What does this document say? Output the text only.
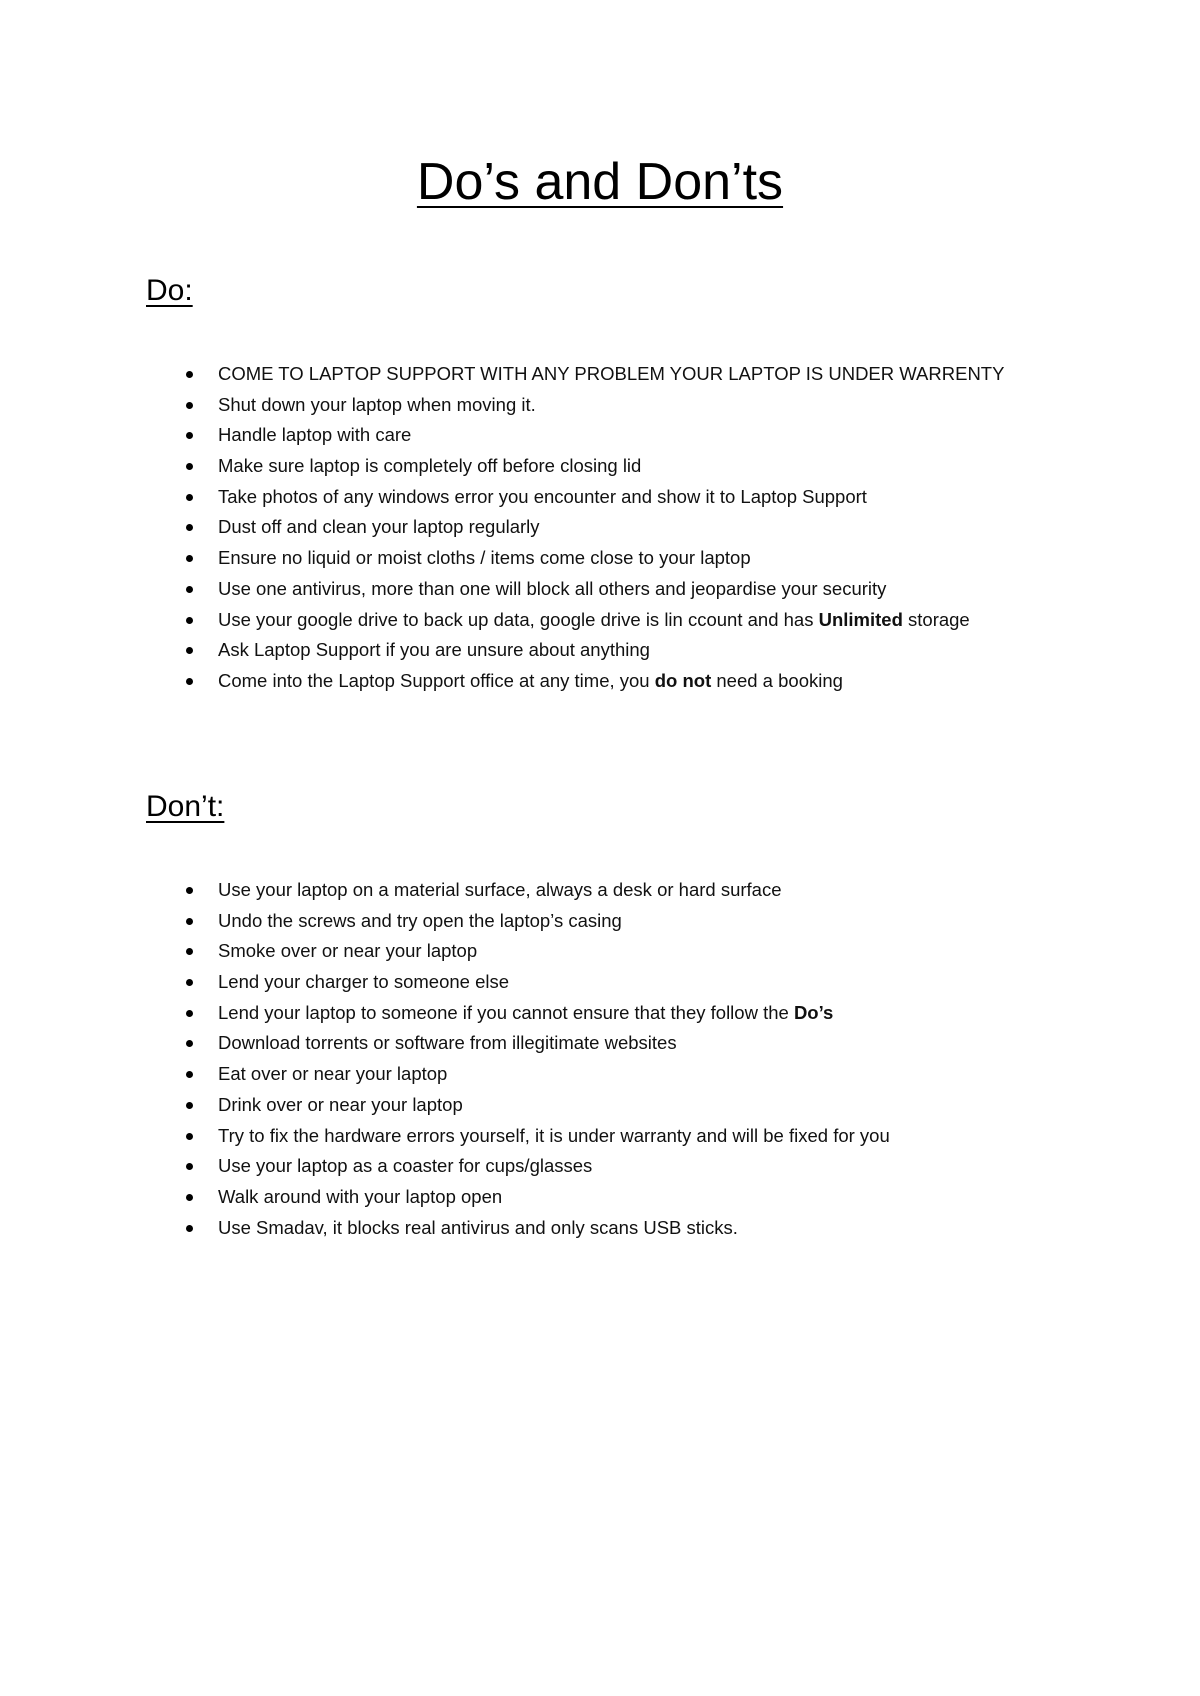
Do’s and Don’ts
Do:
COME TO LAPTOP SUPPORT WITH ANY PROBLEM YOUR LAPTOP IS UNDER WARRENTY
Shut down your laptop when moving it.
Handle laptop with care
Make sure laptop is completely off before closing lid
Take photos of any windows error you encounter and show it to Laptop Support
Dust off and clean your laptop regularly
Ensure no liquid or moist cloths / items come close to your laptop
Use one antivirus, more than one will block all others and jeopardise your security
Use your google drive to back up data, google drive is lin ccount and has Unlimited storage
Ask Laptop Support if you are unsure about anything
Come into the Laptop Support office at any time, you do not need a booking
Don’t:
Use your laptop on a material surface, always a desk or hard surface
Undo the screws and try open the laptop’s casing
Smoke over or near your laptop
Lend your charger to someone else
Lend your laptop to someone if you cannot ensure that they follow the Do’s
Download torrents or software from illegitimate websites
Eat over or near your laptop
Drink over or near your laptop
Try to fix the hardware errors yourself, it is under warranty and will be fixed for you
Use your laptop as a coaster for cups/glasses
Walk around with your laptop open
Use Smadav, it blocks real antivirus and only scans USB sticks.
